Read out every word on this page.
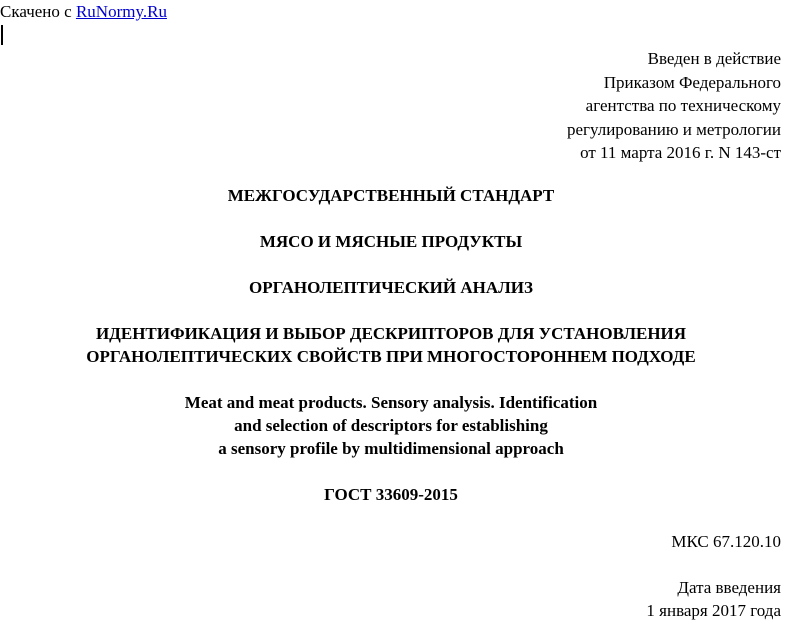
Скачено с RuNormy.Ru
Введен в действие
Приказом Федерального
агентства по техническому
регулированию и метрологии
от 11 марта 2016 г. N 143-ст
МЕЖГОСУДАРСТВЕННЫЙ СТАНДАРТ
МЯСО И МЯСНЫЕ ПРОДУКТЫ
ОРГАНОЛЕПТИЧЕСКИЙ АНАЛИЗ
ИДЕНТИФИКАЦИЯ И ВЫБОР ДЕСКРИПТОРОВ ДЛЯ УСТАНОВЛЕНИЯ
ОРГАНОЛЕПТИЧЕСКИХ СВОЙСТВ ПРИ МНОГОСТОРОННЕМ ПОДХОДЕ
Meat and meat products. Sensory analysis. Identification
and selection of descriptors for establishing
a sensory profile by multidimensional approach
ГОСТ 33609-2015
МКС 67.120.10
Дата введения
1 января 2017 года
